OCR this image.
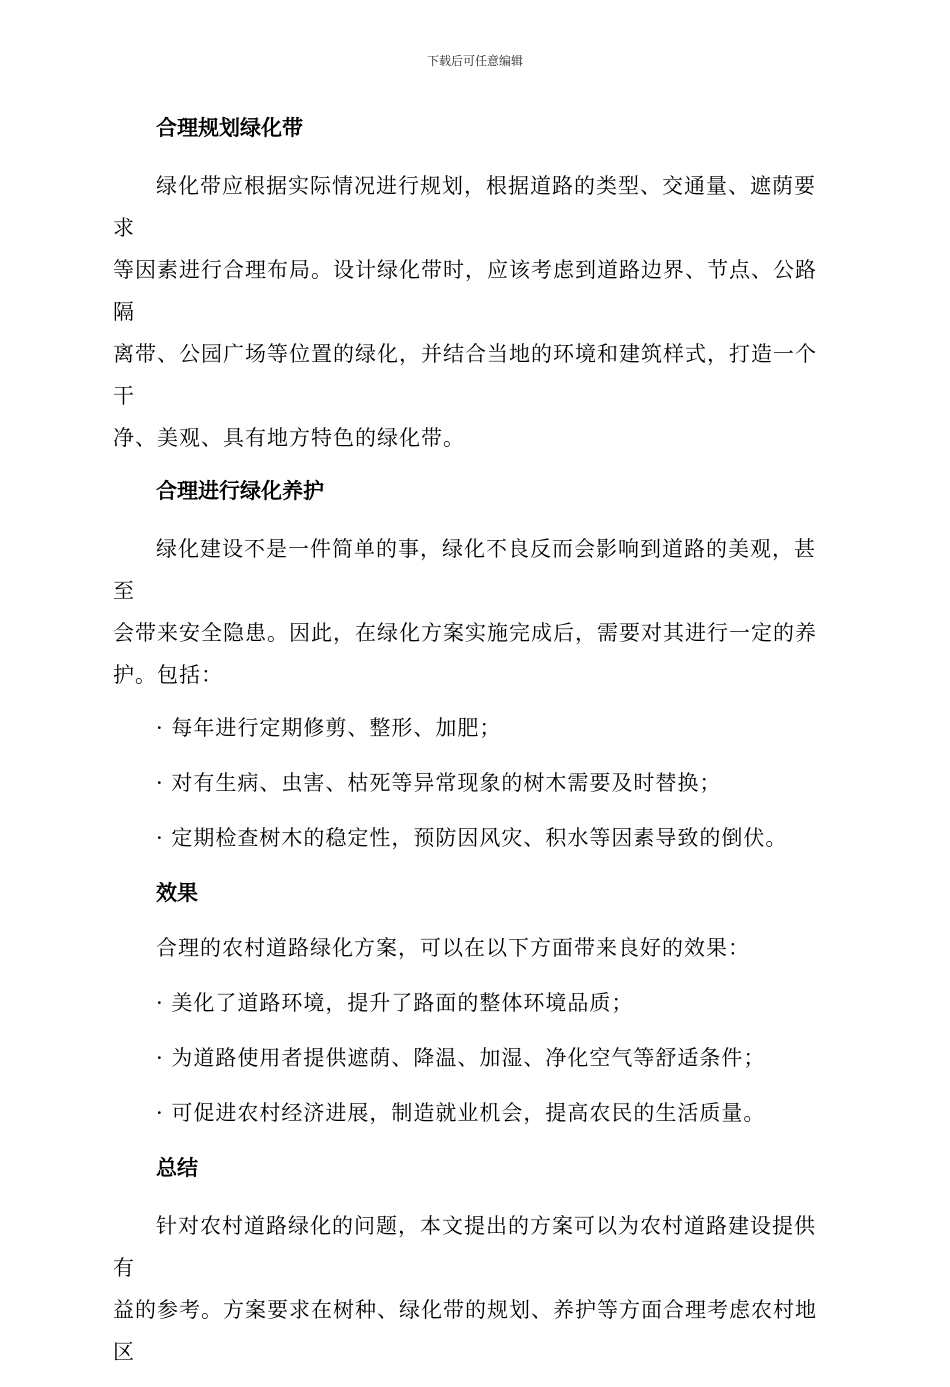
下载后可任意编辑
合理规划绿化带
绿化带应根据实际情况进行规划，根据道路的类型、交通量、遮荫要求
等因素进行合理布局。设计绿化带时，应该考虑到道路边界、节点、公路隔
离带、公园广场等位置的绿化，并结合当地的环境和建筑样式，打造一个干
净、美观、具有地方特色的绿化带。
合理进行绿化养护
绿化建设不是一件简单的事，绿化不良反而会影响到道路的美观，甚至
会带来安全隐患。因此，在绿化方案实施完成后，需要对其进行一定的养
护。包括：
· 每年进行定期修剪、整形、加肥；
· 对有生病、虫害、枯死等异常现象的树木需要及时替换；
· 定期检查树木的稳定性，预防因风灾、积水等因素导致的倒伏。
效果
合理的农村道路绿化方案，可以在以下方面带来良好的效果：
· 美化了道路环境，提升了路面的整体环境品质；
· 为道路使用者提供遮荫、降温、加湿、净化空气等舒适条件；
· 可促进农村经济进展，制造就业机会，提高农民的生活质量。
总结
针对农村道路绿化的问题，本文提出的方案可以为农村道路建设提供有
益的参考。方案要求在树种、绿化带的规划、养护等方面合理考虑农村地区
